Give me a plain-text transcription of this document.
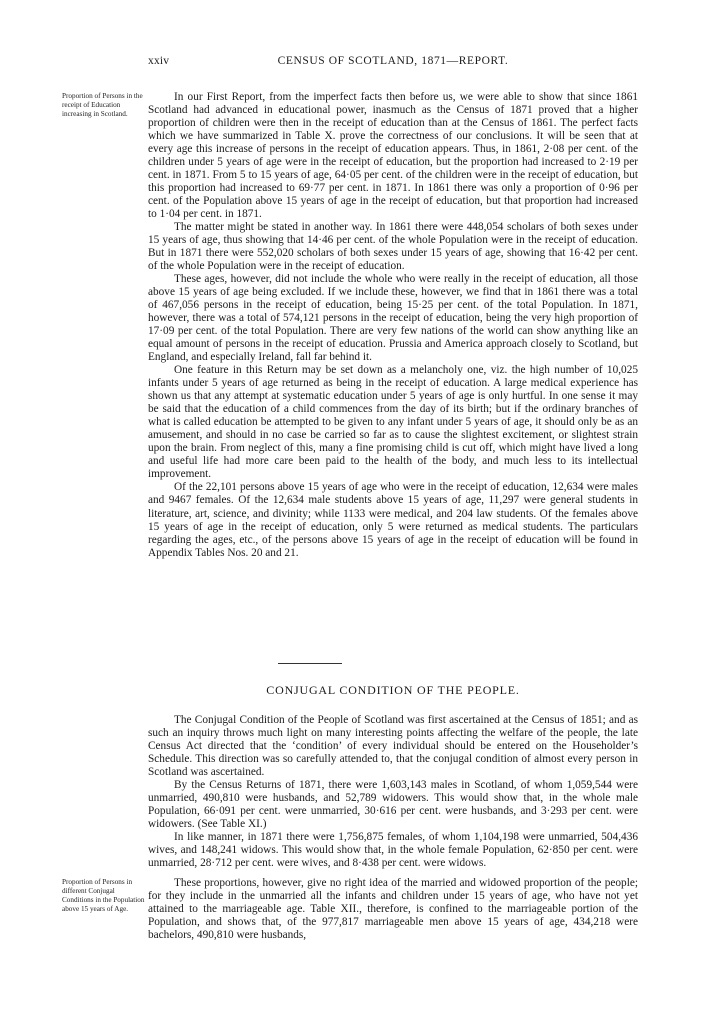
xxiv	CENSUS OF SCOTLAND, 1871—REPORT.
Proportion of Persons in the receipt of Education increasing in Scotland.

In our First Report, from the imperfect facts then before us, we were able to show that since 1861 Scotland had advanced in educational power, inasmuch as the Census of 1871 proved that a higher proportion of children were then in the receipt of education than at the Census of 1861. The perfect facts which we have summarized in Table X. prove the correctness of our conclusions. It will be seen that at every age this increase of persons in the receipt of education appears. Thus, in 1861, 2·08 per cent. of the children under 5 years of age were in the receipt of education, but the proportion had increased to 2·19 per cent. in 1871. From 5 to 15 years of age, 64·05 per cent. of the children were in the receipt of education, but this proportion had increased to 69·77 per cent. in 1871. In 1861 there was only a proportion of 0·96 per cent. of the Population above 15 years of age in the receipt of education, but that proportion had increased to 1·04 per cent. in 1871.

The matter might be stated in another way. In 1861 there were 448,054 scholars of both sexes under 15 years of age, thus showing that 14·46 per cent. of the whole Population were in the receipt of education. But in 1871 there were 552,020 scholars of both sexes under 15 years of age, showing that 16·42 per cent. of the whole Population were in the receipt of education.

These ages, however, did not include the whole who were really in the receipt of education, all those above 15 years of age being excluded. If we include these, however, we find that in 1861 there was a total of 467,056 persons in the receipt of education, being 15·25 per cent. of the total Population. In 1871, however, there was a total of 574,121 persons in the receipt of education, being the very high proportion of 17·09 per cent. of the total Population. There are very few nations of the world can show anything like an equal amount of persons in the receipt of education. Prussia and America approach closely to Scotland, but England, and especially Ireland, fall far behind it.

One feature in this Return may be set down as a melancholy one, viz. the high number of 10,025 infants under 5 years of age returned as being in the receipt of education. A large medical experience has shown us that any attempt at systematic education under 5 years of age is only hurtful. In one sense it may be said that the education of a child commences from the day of its birth; but if the ordinary branches of what is called education be attempted to be given to any infant under 5 years of age, it should only be as an amusement, and should in no case be carried so far as to cause the slightest excitement, or slightest strain upon the brain. From neglect of this, many a fine promising child is cut off, which might have lived a long and useful life had more care been paid to the health of the body, and much less to its intellectual improvement.

Of the 22,101 persons above 15 years of age who were in the receipt of education, 12,634 were males and 9467 females. Of the 12,634 male students above 15 years of age, 11,297 were general students in literature, art, science, and divinity; while 1133 were medical, and 204 law students. Of the females above 15 years of age in the receipt of education, only 5 were returned as medical students. The particulars regarding the ages, etc., of the persons above 15 years of age in the receipt of education will be found in Appendix Tables Nos. 20 and 21.

CONJUGAL CONDITION OF THE PEOPLE.

The Conjugal Condition of the People of Scotland was first ascertained at the Census of 1851; and as such an inquiry throws much light on many interesting points affecting the welfare of the people, the late Census Act directed that the ‘condition’ of every individual should be entered on the Householder’s Schedule. This direction was so carefully attended to, that the conjugal condition of almost every person in Scotland was ascertained.

By the Census Returns of 1871, there were 1,603,143 males in Scotland, of whom 1,059,544 were unmarried, 490,810 were husbands, and 52,789 widowers. This would show that, in the whole male Population, 66·091 per cent. were unmarried, 30·616 per cent. were husbands, and 3·293 per cent. were widowers. (See Table XI.)

In like manner, in 1871 there were 1,756,875 females, of whom 1,104,198 were unmarried, 504,436 wives, and 148,241 widows. This would show that, in the whole female Population, 62·850 per cent. were unmarried, 28·712 per cent. were wives, and 8·438 per cent. were widows.

Proportion of Persons in different Conjugal Conditions in the Population above 15 years of Age.

These proportions, however, give no right idea of the married and widowed proportion of the people; for they include in the unmarried all the infants and children under 15 years of age, who have not yet attained to the marriageable age. Table XII., therefore, is confined to the marriageable portion of the Population, and shows that, of the 977,817 marriageable men above 15 years of age, 434,218 were bachelors, 490,810 were husbands,
